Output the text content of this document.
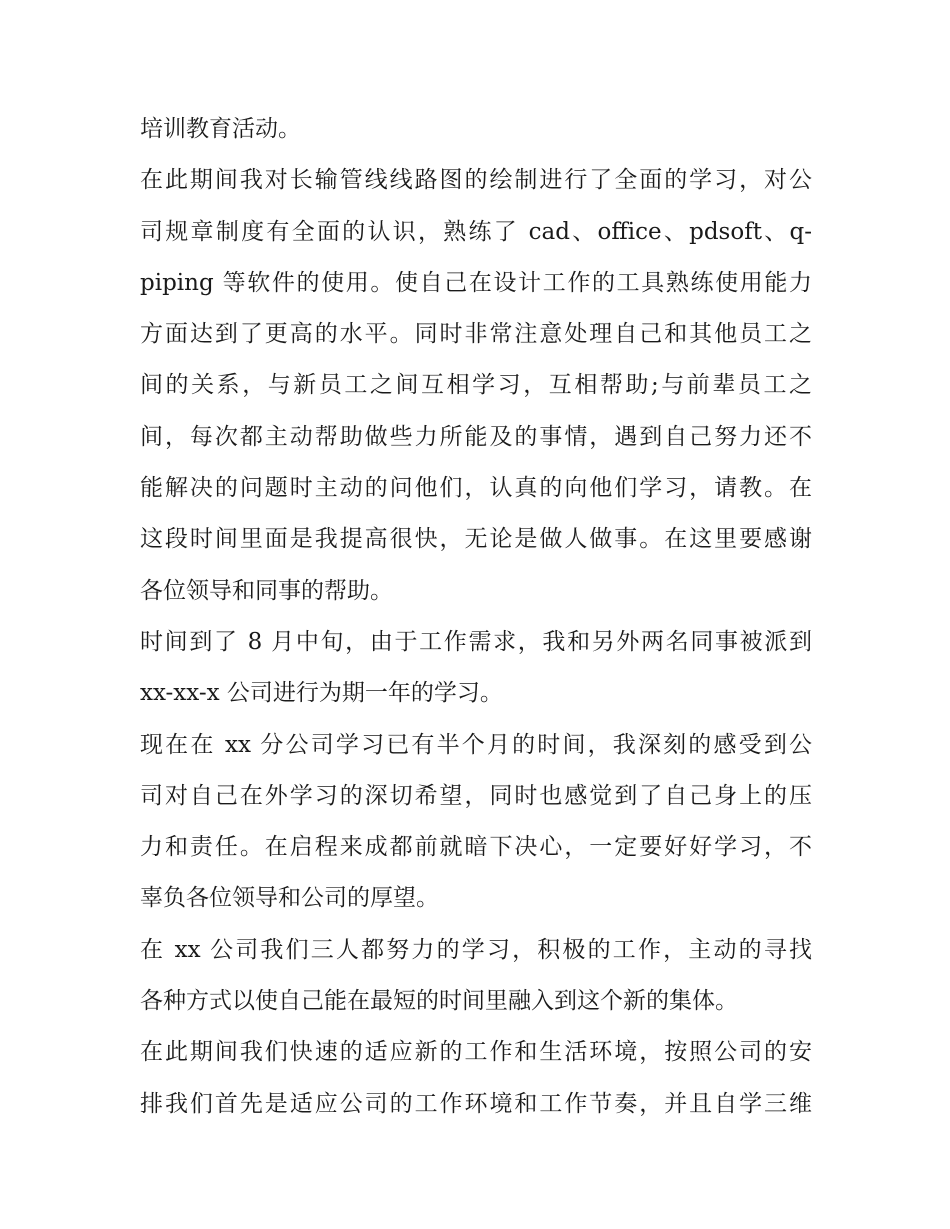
培训教育活动。
在此期间我对长输管线线路图的绘制进行了全面的学习，对公
司规章制度有全面的认识，熟练了 cad、office、pdsoft、q-
piping 等软件的使用。使自己在设计工作的工具熟练使用能力
方面达到了更高的水平。同时非常注意处理自己和其他员工之
间的关系，与新员工之间互相学习，互相帮助;与前辈员工之
间，每次都主动帮助做些力所能及的事情，遇到自己努力还不
能解决的问题时主动的问他们，认真的向他们学习，请教。在
这段时间里面是我提高很快，无论是做人做事。在这里要感谢
各位领导和同事的帮助。
时间到了 8 月中旬，由于工作需求，我和另外两名同事被派到
xx-xx-x 公司进行为期一年的学习。
现在在 xx 分公司学习已有半个月的时间，我深刻的感受到公
司对自己在外学习的深切希望，同时也感觉到了自己身上的压
力和责任。在启程来成都前就暗下决心，一定要好好学习，不
辜负各位领导和公司的厚望。
在 xx 公司我们三人都努力的学习，积极的工作，主动的寻找
各种方式以使自己能在最短的时间里融入到这个新的集体。
在此期间我们快速的适应新的工作和生活环境，按照公司的安
排我们首先是适应公司的工作环境和工作节奏，并且自学三维
